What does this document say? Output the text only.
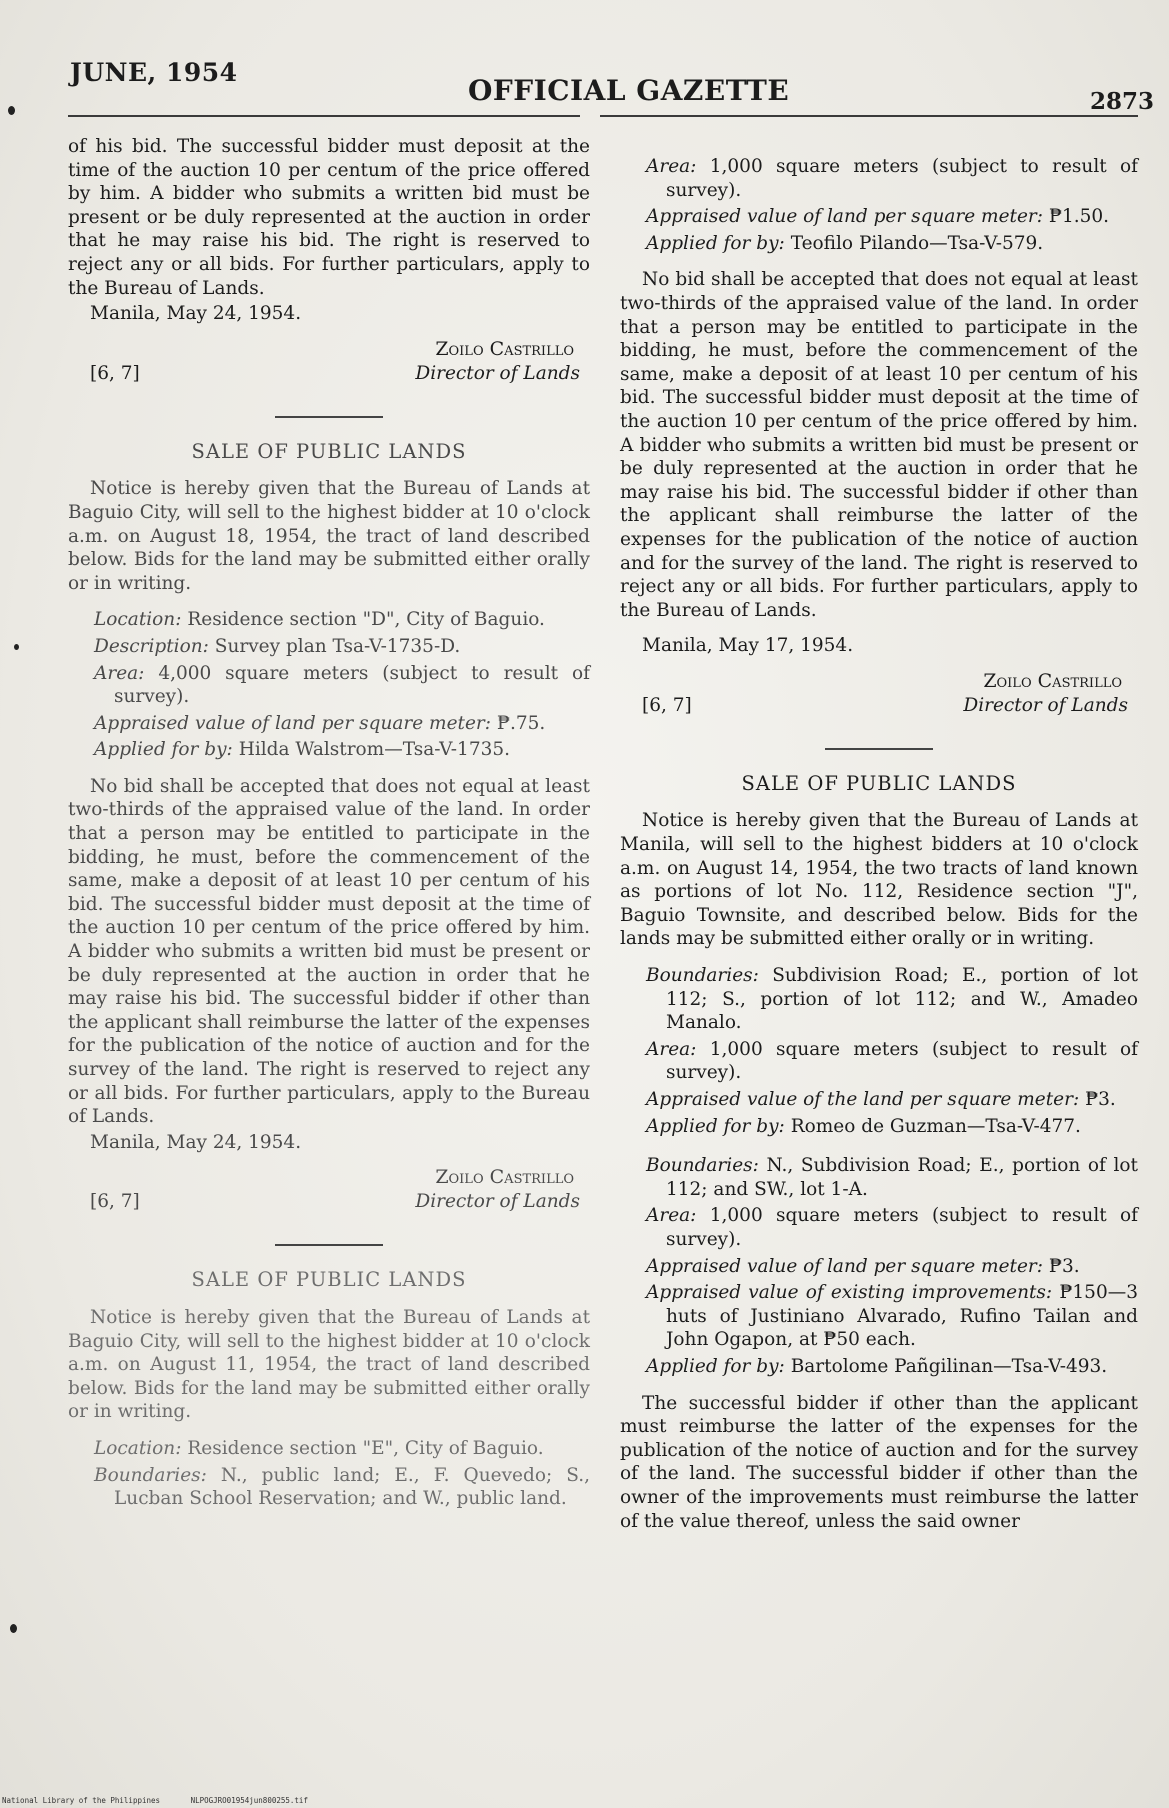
JUNE, 1954
OFFICIAL GAZETTE	2873

of his bid. The successful bidder must deposit at the time of the auction 10 per centum of the price offered by him. A bidder who submits a written bid must be present or be duly represented at the auction in order that he may raise his bid. The right is reserved to reject any or all bids. For further particulars, apply to the Bureau of Lands.

Manila, May 24, 1954.

[6, 7]
Zoilo Castrillo
Director of Lands

SALE OF PUBLIC LANDS

Notice is hereby given that the Bureau of Lands at Baguio City, will sell to the highest bidder at 10 o'clock a.m. on August 18, 1954, the tract of land described below. Bids for the land may be submitted either orally or in writing.

Location: Residence section "D", City of Baguio.

Description: Survey plan Tsa-V-1735-D.

Area: 4,000 square meters (subject to result of survey).

Appraised value of land per square meter: ₱.75.

Applied for by: Hilda Walstrom—Tsa-V-1735.

No bid shall be accepted that does not equal at least two-thirds of the appraised value of the land. In order that a person may be entitled to participate in the bidding, he must, before the commencement of the same, make a deposit of at least 10 per centum of his bid. The successful bidder must deposit at the time of the auction 10 per centum of the price offered by him. A bidder who submits a written bid must be present or be duly represented at the auction in order that he may raise his bid. The successful bidder if other than the applicant shall reimburse the latter of the expenses for the publication of the notice of auction and for the survey of the land. The right is reserved to reject any or all bids. For further particulars, apply to the Bureau of Lands.

Manila, May 24, 1954.

[6, 7]
Zoilo Castrillo
Director of Lands

SALE OF PUBLIC LANDS

Notice is hereby given that the Bureau of Lands at Baguio City, will sell to the highest bidder at 10 o'clock a.m. on August 11, 1954, the tract of land described below. Bids for the land may be submitted either orally or in writing.

Location: Residence section "E", City of Baguio.

Boundaries: N., public land; E., F. Quevedo; S., Lucban School Reservation; and W., public land.

Area: 1,000 square meters (subject to result of survey).

Appraised value of land per square meter: ₱1.50.

Applied for by: Teofilo Pilando—Tsa-V-579.

No bid shall be accepted that does not equal at least two-thirds of the appraised value of the land. In order that a person may be entitled to participate in the bidding, he must, before the commencement of the same, make a deposit of at least 10 per centum of his bid. The successful bidder must deposit at the time of the auction 10 per centum of the price offered by him. A bidder who submits a written bid must be present or be duly represented at the auction in order that he may raise his bid. The successful bidder if other than the applicant shall reimburse the latter of the expenses for the publication of the notice of auction and for the survey of the land. The right is reserved to reject any or all bids. For further particulars, apply to the Bureau of Lands.

Manila, May 17, 1954.

[6, 7]
Zoilo Castrillo
Director of Lands

SALE OF PUBLIC LANDS

Notice is hereby given that the Bureau of Lands at Manila, will sell to the highest bidders at 10 o'clock a.m. on August 14, 1954, the two tracts of land known as portions of lot No. 112, Residence section "J", Baguio Townsite, and described below. Bids for the lands may be submitted either orally or in writing.

Boundaries: Subdivision Road; E., portion of lot 112; S., portion of lot 112; and W., Amadeo Manalo.

Area: 1,000 square meters (subject to result of survey).

Appraised value of the land per square meter: ₱3.

Applied for by: Romeo de Guzman—Tsa-V-477.

Boundaries: N., Subdivision Road; E., portion of lot 112; and SW., lot 1-A.

Area: 1,000 square meters (subject to result of survey).

Appraised value of land per square meter: ₱3.

Appraised value of existing improvements: ₱150—3 huts of Justiniano Alvarado, Rufino Tailan and John Ogapon, at ₱50 each.

Applied for by: Bartolome Pañgilinan—Tsa-V-493.

The successful bidder if other than the applicant must reimburse the latter of the expenses for the publication of the notice of auction and for the survey of the land. The successful bidder if other than the owner of the improvements must reimburse the latter of the value thereof, unless the said owner

National Library of the Philippines	NLPOGJRO01954jun800255.tif
